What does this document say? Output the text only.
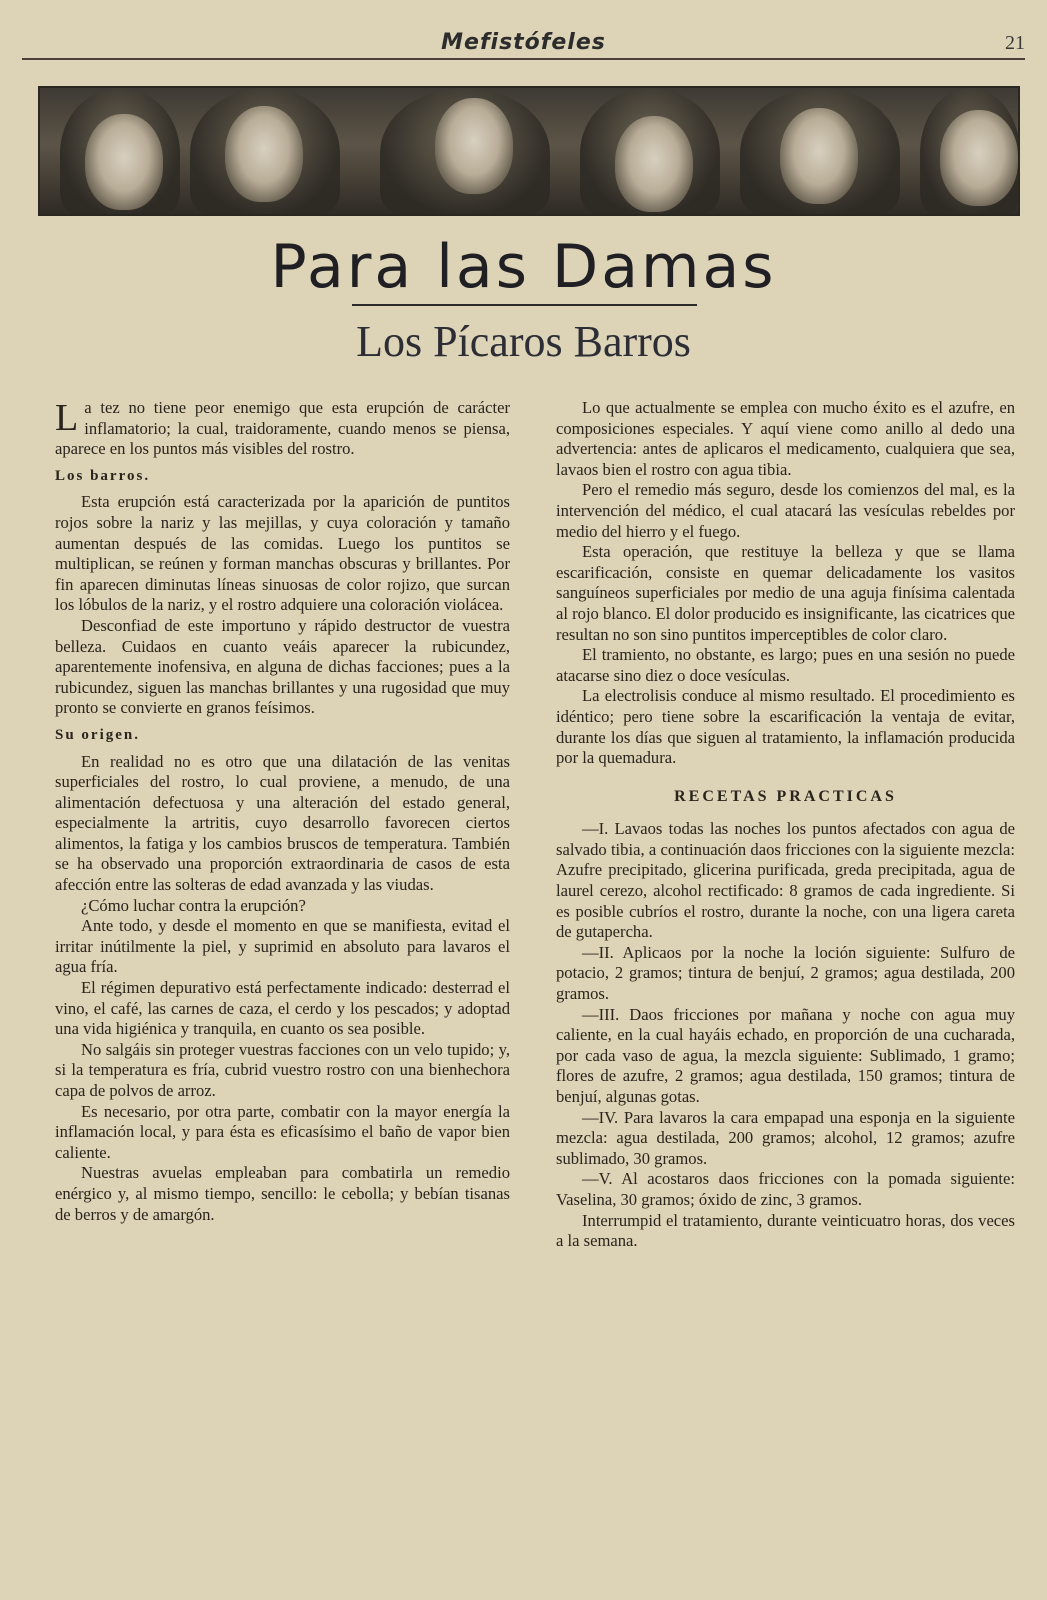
Mefistófeles	21
Para las Damas
Los Pícaros Barros

La tez no tiene peor enemigo que esta erupción de carácter inflamatorio; la cual, traidoramente, cuando menos se piensa, aparece en los puntos más visibles del rostro.

Los barros.

Esta erupción está caracterizada por la aparición de puntitos rojos sobre la nariz y las mejillas, y cuya coloración y tamaño aumentan después de las comidas. Luego los puntitos se multiplican, se reúnen y forman manchas obscuras y brillantes. Por fin aparecen diminutas líneas sinuosas de color rojizo, que surcan los lóbulos de la nariz, y el rostro adquiere una coloración violácea.

Desconfiad de este importuno y rápido destructor de vuestra belleza. Cuidaos en cuanto veáis aparecer la rubicundez, aparentemente inofensiva, en alguna de dichas facciones; pues a la rubicundez, siguen las manchas brillantes y una rugosidad que muy pronto se convierte en granos feísimos.

Su origen.

En realidad no es otro que una dilatación de las venitas superficiales del rostro, lo cual proviene, a menudo, de una alimentación defectuosa y una alteración del estado general, especialmente la artritis, cuyo desarrollo favorecen ciertos alimentos, la fatiga y los cambios bruscos de temperatura. También se ha observado una proporción extraordinaria de casos de esta afección entre las solteras de edad avanzada y las viudas.

¿Cómo luchar contra la erupción?

Ante todo, y desde el momento en que se manifiesta, evitad el irritar inútilmente la piel, y suprimid en absoluto para lavaros el agua fría.

El régimen depurativo está perfectamente indicado: desterrad el vino, el café, las carnes de caza, el cerdo y los pescados; y adoptad una vida higiénica y tranquila, en cuanto os sea posible.

No salgáis sin proteger vuestras facciones con un velo tupido; y, si la temperatura es fría, cubrid vuestro rostro con una bienhechora capa de polvos de arroz.

Es necesario, por otra parte, combatir con la mayor energía la inflamación local, y para ésta es eficasísimo el baño de vapor bien caliente.

Nuestras avuelas empleaban para combatirla un remedio enérgico y, al mismo tiempo, sencillo: le cebolla; y bebían tisanas de berros y de amargón.

Lo que actualmente se emplea con mucho éxito es el azufre, en composiciones especiales. Y aquí viene como anillo al dedo una advertencia: antes de aplicaros el medicamento, cualquiera que sea, lavaos bien el rostro con agua tibia.

Pero el remedio más seguro, desde los comienzos del mal, es la intervención del médico, el cual atacará las vesículas rebeldes por medio del hierro y el fuego.

Esta operación, que restituye la belleza y que se llama escarificación, consiste en quemar delicadamente los vasitos sanguíneos superficiales por medio de una aguja finísima calentada al rojo blanco. El dolor producido es insignificante, las cicatrices que resultan no son sino puntitos imperceptibles de color claro.

El tramiento, no obstante, es largo; pues en una sesión no puede atacarse sino diez o doce vesículas.

La electrolisis conduce al mismo resultado. El procedimiento es idéntico; pero tiene sobre la escarificación la ventaja de evitar, durante los días que siguen al tratamiento, la inflamación producida por la quemadura.

RECETAS PRACTICAS

—I. Lavaos todas las noches los puntos afectados con agua de salvado tibia, a continuación daos fricciones con la siguiente mezcla: Azufre precipitado, glicerina purificada, greda precipitada, agua de laurel cerezo, alcohol rectificado: 8 gramos de cada ingrediente. Si es posible cubríos el rostro, durante la noche, con una ligera careta de gutapercha.

—II. Aplicaos por la noche la loción siguiente: Sulfuro de potacio, 2 gramos; tintura de benjuí, 2 gramos; agua destilada, 200 gramos.

—III. Daos fricciones por mañana y noche con agua muy caliente, en la cual hayáis echado, en proporción de una cucharada, por cada vaso de agua, la mezcla siguiente: Sublimado, 1 gramo; flores de azufre, 2 gramos; agua destilada, 150 gramos; tintura de benjuí, algunas gotas.

—IV. Para lavaros la cara empapad una esponja en la siguiente mezcla: agua destilada, 200 gramos; alcohol, 12 gramos; azufre sublimado, 30 gramos.

—V. Al acostaros daos fricciones con la pomada siguiente: Vaselina, 30 gramos; óxido de zinc, 3 gramos.

Interrumpid el tratamiento, durante veinticuatro horas, dos veces a la semana.
